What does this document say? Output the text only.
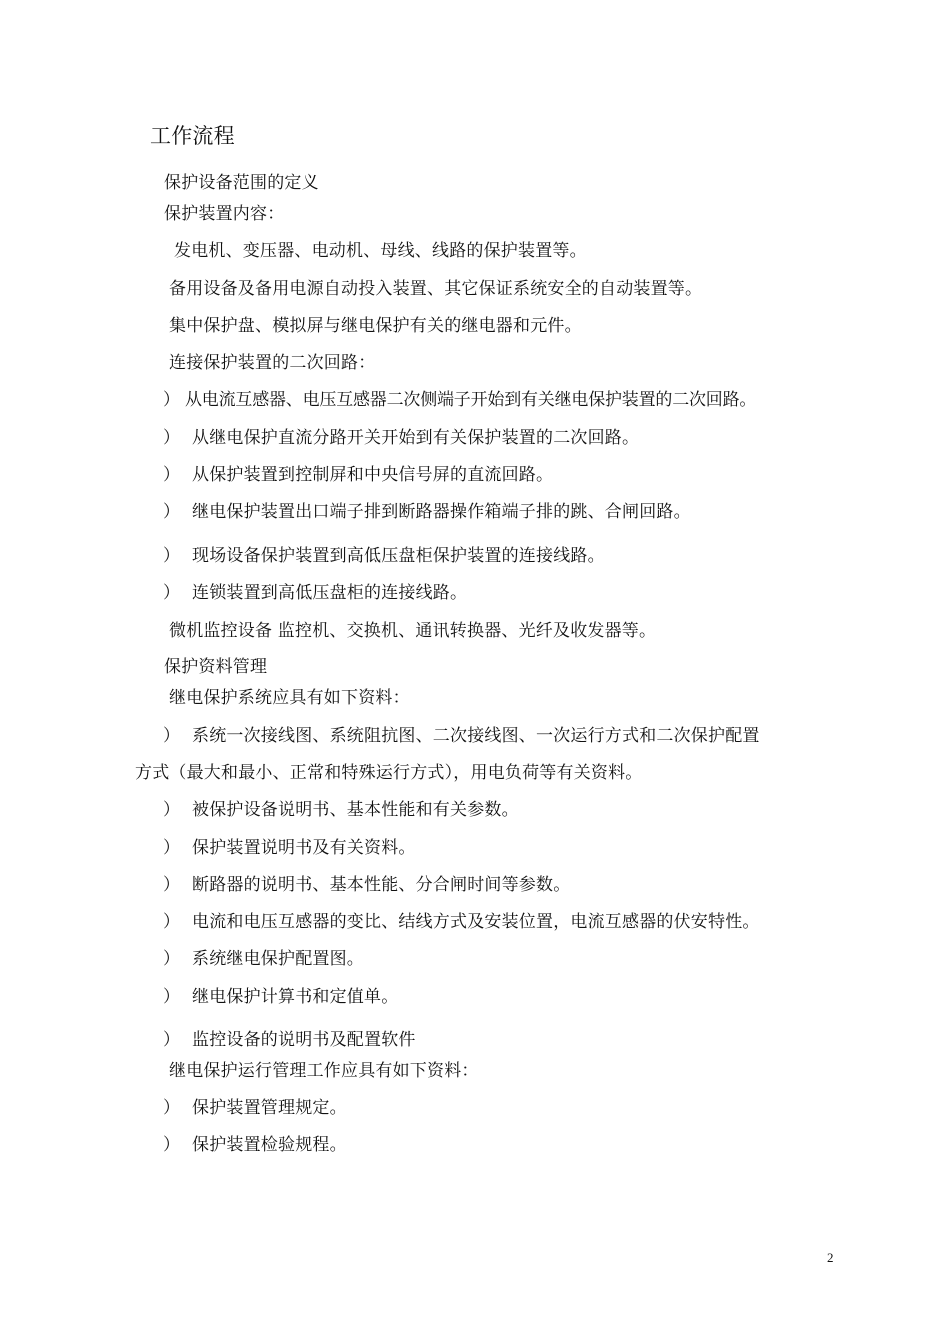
工作流程
保护设备范围的定义
保护装置内容：
发电机、变压器、电动机、母线、线路的保护装置等。
备用设备及备用电源自动投入装置、其它保证系统安全的自动装置等。
集中保护盘、模拟屏与继电保护有关的继电器和元件。
连接保护装置的二次回路：
） 从电流互感器、电压互感器二次侧端子开始到有关继电保护装置的二次回路。
） 从继电保护直流分路开关开始到有关保护装置的二次回路。
） 从保护装置到控制屏和中央信号屏的直流回路。
） 继电保护装置出口端子排到断路器操作箱端子排的跳、合闸回路。
） 现场设备保护装置到高低压盘柜保护装置的连接线路。
） 连锁装置到高低压盘柜的连接线路。
微机监控设备 监控机、交换机、通讯转换器、光纤及收发器等。
保护资料管理
继电保护系统应具有如下资料：
） 系统一次接线图、系统阻抗图、二次接线图、一次运行方式和二次保护配置
方式（最大和最小、正常和特殊运行方式），用电负荷等有关资料。
） 被保护设备说明书、基本性能和有关参数。
） 保护装置说明书及有关资料。
） 断路器的说明书、基本性能、分合闸时间等参数。
） 电流和电压互感器的变比、结线方式及安装位置，电流互感器的伏安特性。
） 系统继电保护配置图。
） 继电保护计算书和定值单。
） 监控设备的说明书及配置软件
继电保护运行管理工作应具有如下资料：
） 保护装置管理规定。
） 保护装置检验规程。
2
